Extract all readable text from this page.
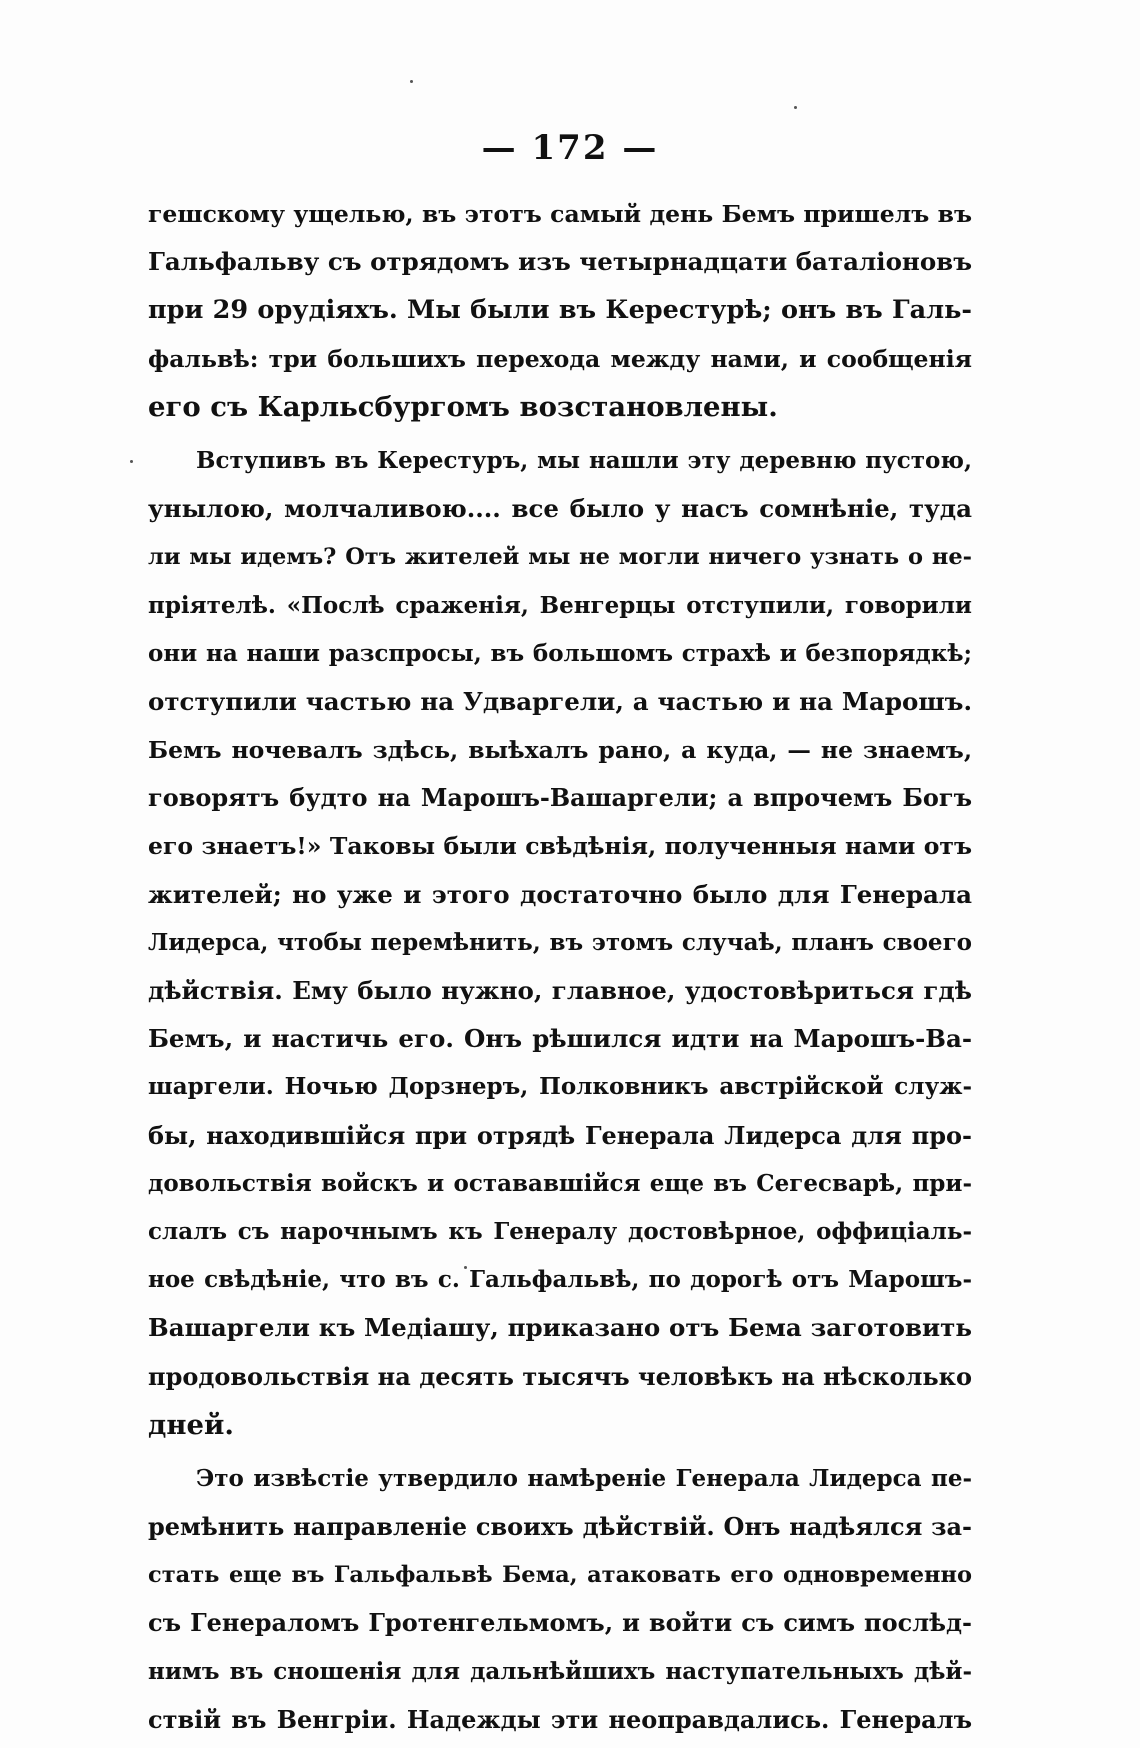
— 172 —
гешскому ущелью, въ этотъ самый день Бемъ пришелъ въ
Гальфальву съ отрядомъ изъ четырнадцати баталіоновъ
при 29 орудіяхъ. Мы были въ Керестурѣ; онъ въ Галь-
фальвѣ: три большихъ перехода между нами, и сообщенія
его съ Карльсбургомъ возстановлены.
Вступивъ въ Керестуръ, мы нашли эту деревню пустою,
унылою, молчаливою.... все было у насъ сомнѣніе, туда
ли мы идемъ? Отъ жителей мы не могли ничего узнать о не-
пріятелѣ. «Послѣ сраженія, Венгерцы отступили, говорили
они на наши разспросы, въ большомъ страхѣ и безпорядкѣ;
отступили частью на Удваргели, а частью и на Марошъ.
Бемъ ночевалъ здѣсь, выѣхалъ рано, а куда, — не знаемъ,
говорятъ будто на Марошъ-Вашаргели; а впрочемъ Богъ
его знаетъ!» Таковы были свѣдѣнія, полученныя нами отъ
жителей; но уже и этого достаточно было для Генерала
Лидерса, чтобы перемѣнить, въ этомъ случаѣ, планъ своего
дѣйствія. Ему было нужно, главное, удостовѣриться гдѣ
Бемъ, и настичь его. Онъ рѣшился идти на Марошъ-Ва-
шаргели. Ночью Дорзнеръ, Полковникъ австрійской служ-
бы, находившійся при отрядѣ Генерала Лидерса для про-
довольствія войскъ и остававшійся еще въ Сегесварѣ, при-
слалъ съ нарочнымъ къ Генералу достовѣрное, оффиціаль-
ное свѣдѣніе, что въ с. Гальфальвѣ, по дорогѣ отъ Марошъ-
Вашаргели къ Медіашу, приказано отъ Бема заготовить
продовольствія на десять тысячъ человѣкъ на нѣсколько
дней.
Это извѣстіе утвердило намѣреніе Генерала Лидерса пе-
ремѣнить направленіе своихъ дѣйствій. Онъ надѣялся за-
стать еще въ Гальфальвѣ Бема, атаковать его одновременно
съ Генераломъ Гротенгельмомъ, и войти съ симъ послѣд-
нимъ въ сношенія для дальнѣйшихъ наступательныхъ дѣй-
ствій въ Венгріи. Надежды эти неоправдались. Генералъ
